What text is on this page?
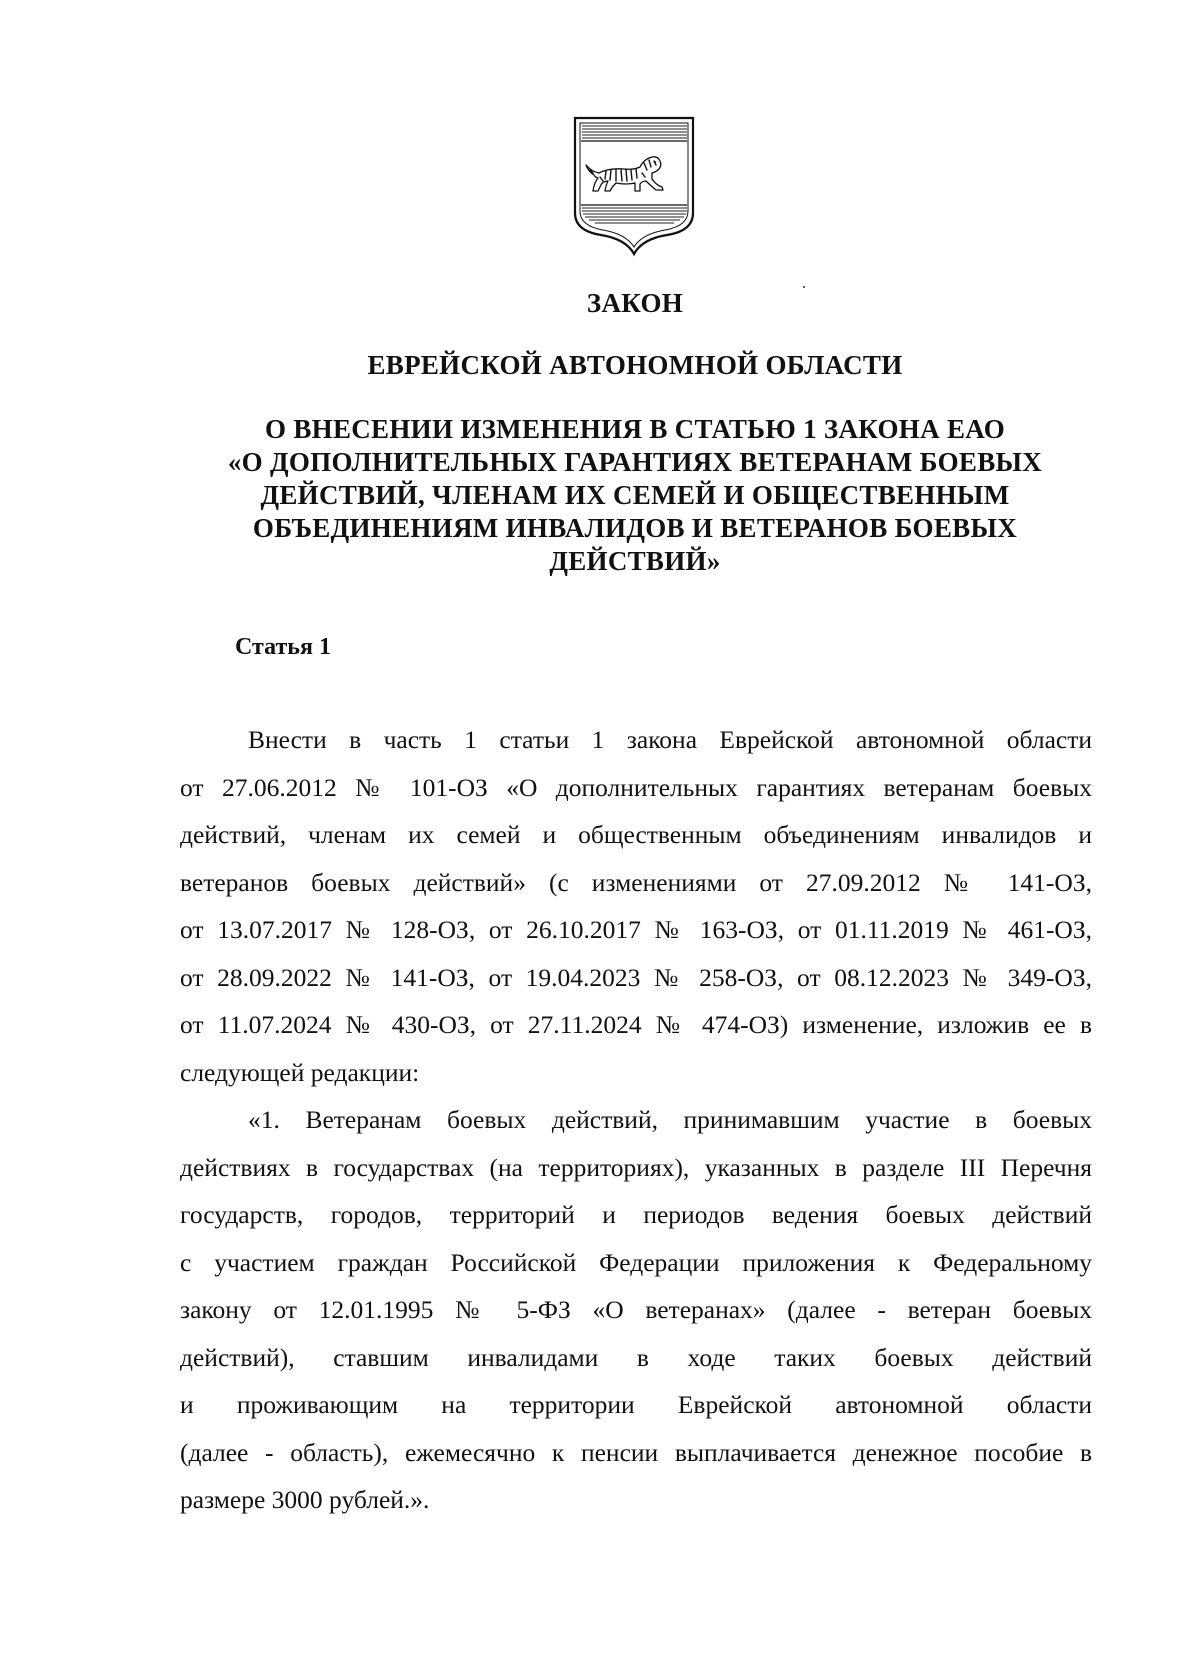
ЗАКОН
ЕВРЕЙСКОЙ АВТОНОМНОЙ ОБЛАСТИ
О ВНЕСЕНИИ ИЗМЕНЕНИЯ В СТАТЬЮ 1 ЗАКОНА ЕАО
«О ДОПОЛНИТЕЛЬНЫХ ГАРАНТИЯХ ВЕТЕРАНАМ БОЕВЫХ
ДЕЙСТВИЙ, ЧЛЕНАМ ИХ СЕМЕЙ И ОБЩЕСТВЕННЫМ
ОБЪЕДИНЕНИЯМ ИНВАЛИДОВ И ВЕТЕРАНОВ БОЕВЫХ
ДЕЙСТВИЙ»
Статья 1
Внести в часть 1 статьи 1 закона Еврейской автономной области
от 27.06.2012 № 101-ОЗ «О дополнительных гарантиях ветеранам боевых
действий, членам их семей и общественным объединениям инвалидов и
ветеранов боевых действий» (с изменениями от 27.09.2012 № 141-ОЗ,
от 13.07.2017 № 128-ОЗ, от 26.10.2017 № 163-ОЗ, от 01.11.2019 № 461-ОЗ,
от 28.09.2022 № 141-ОЗ, от 19.04.2023 № 258-ОЗ, от 08.12.2023 № 349-ОЗ,
от 11.07.2024 № 430-ОЗ, от 27.11.2024 № 474-ОЗ) изменение, изложив ее в
следующей редакции:
«1. Ветеранам боевых действий, принимавшим участие в боевых
действиях в государствах (на территориях), указанных в разделе III Перечня
государств, городов, территорий и периодов ведения боевых действий
с участием граждан Российской Федерации приложения к Федеральному
закону от 12.01.1995 № 5-ФЗ «О ветеранах» (далее - ветеран боевых
действий), ставшим инвалидами в ходе таких боевых действий
и проживающим на территории Еврейской автономной области
(далее - область), ежемесячно к пенсии выплачивается денежное пособие в
размере 3000 рублей.».
